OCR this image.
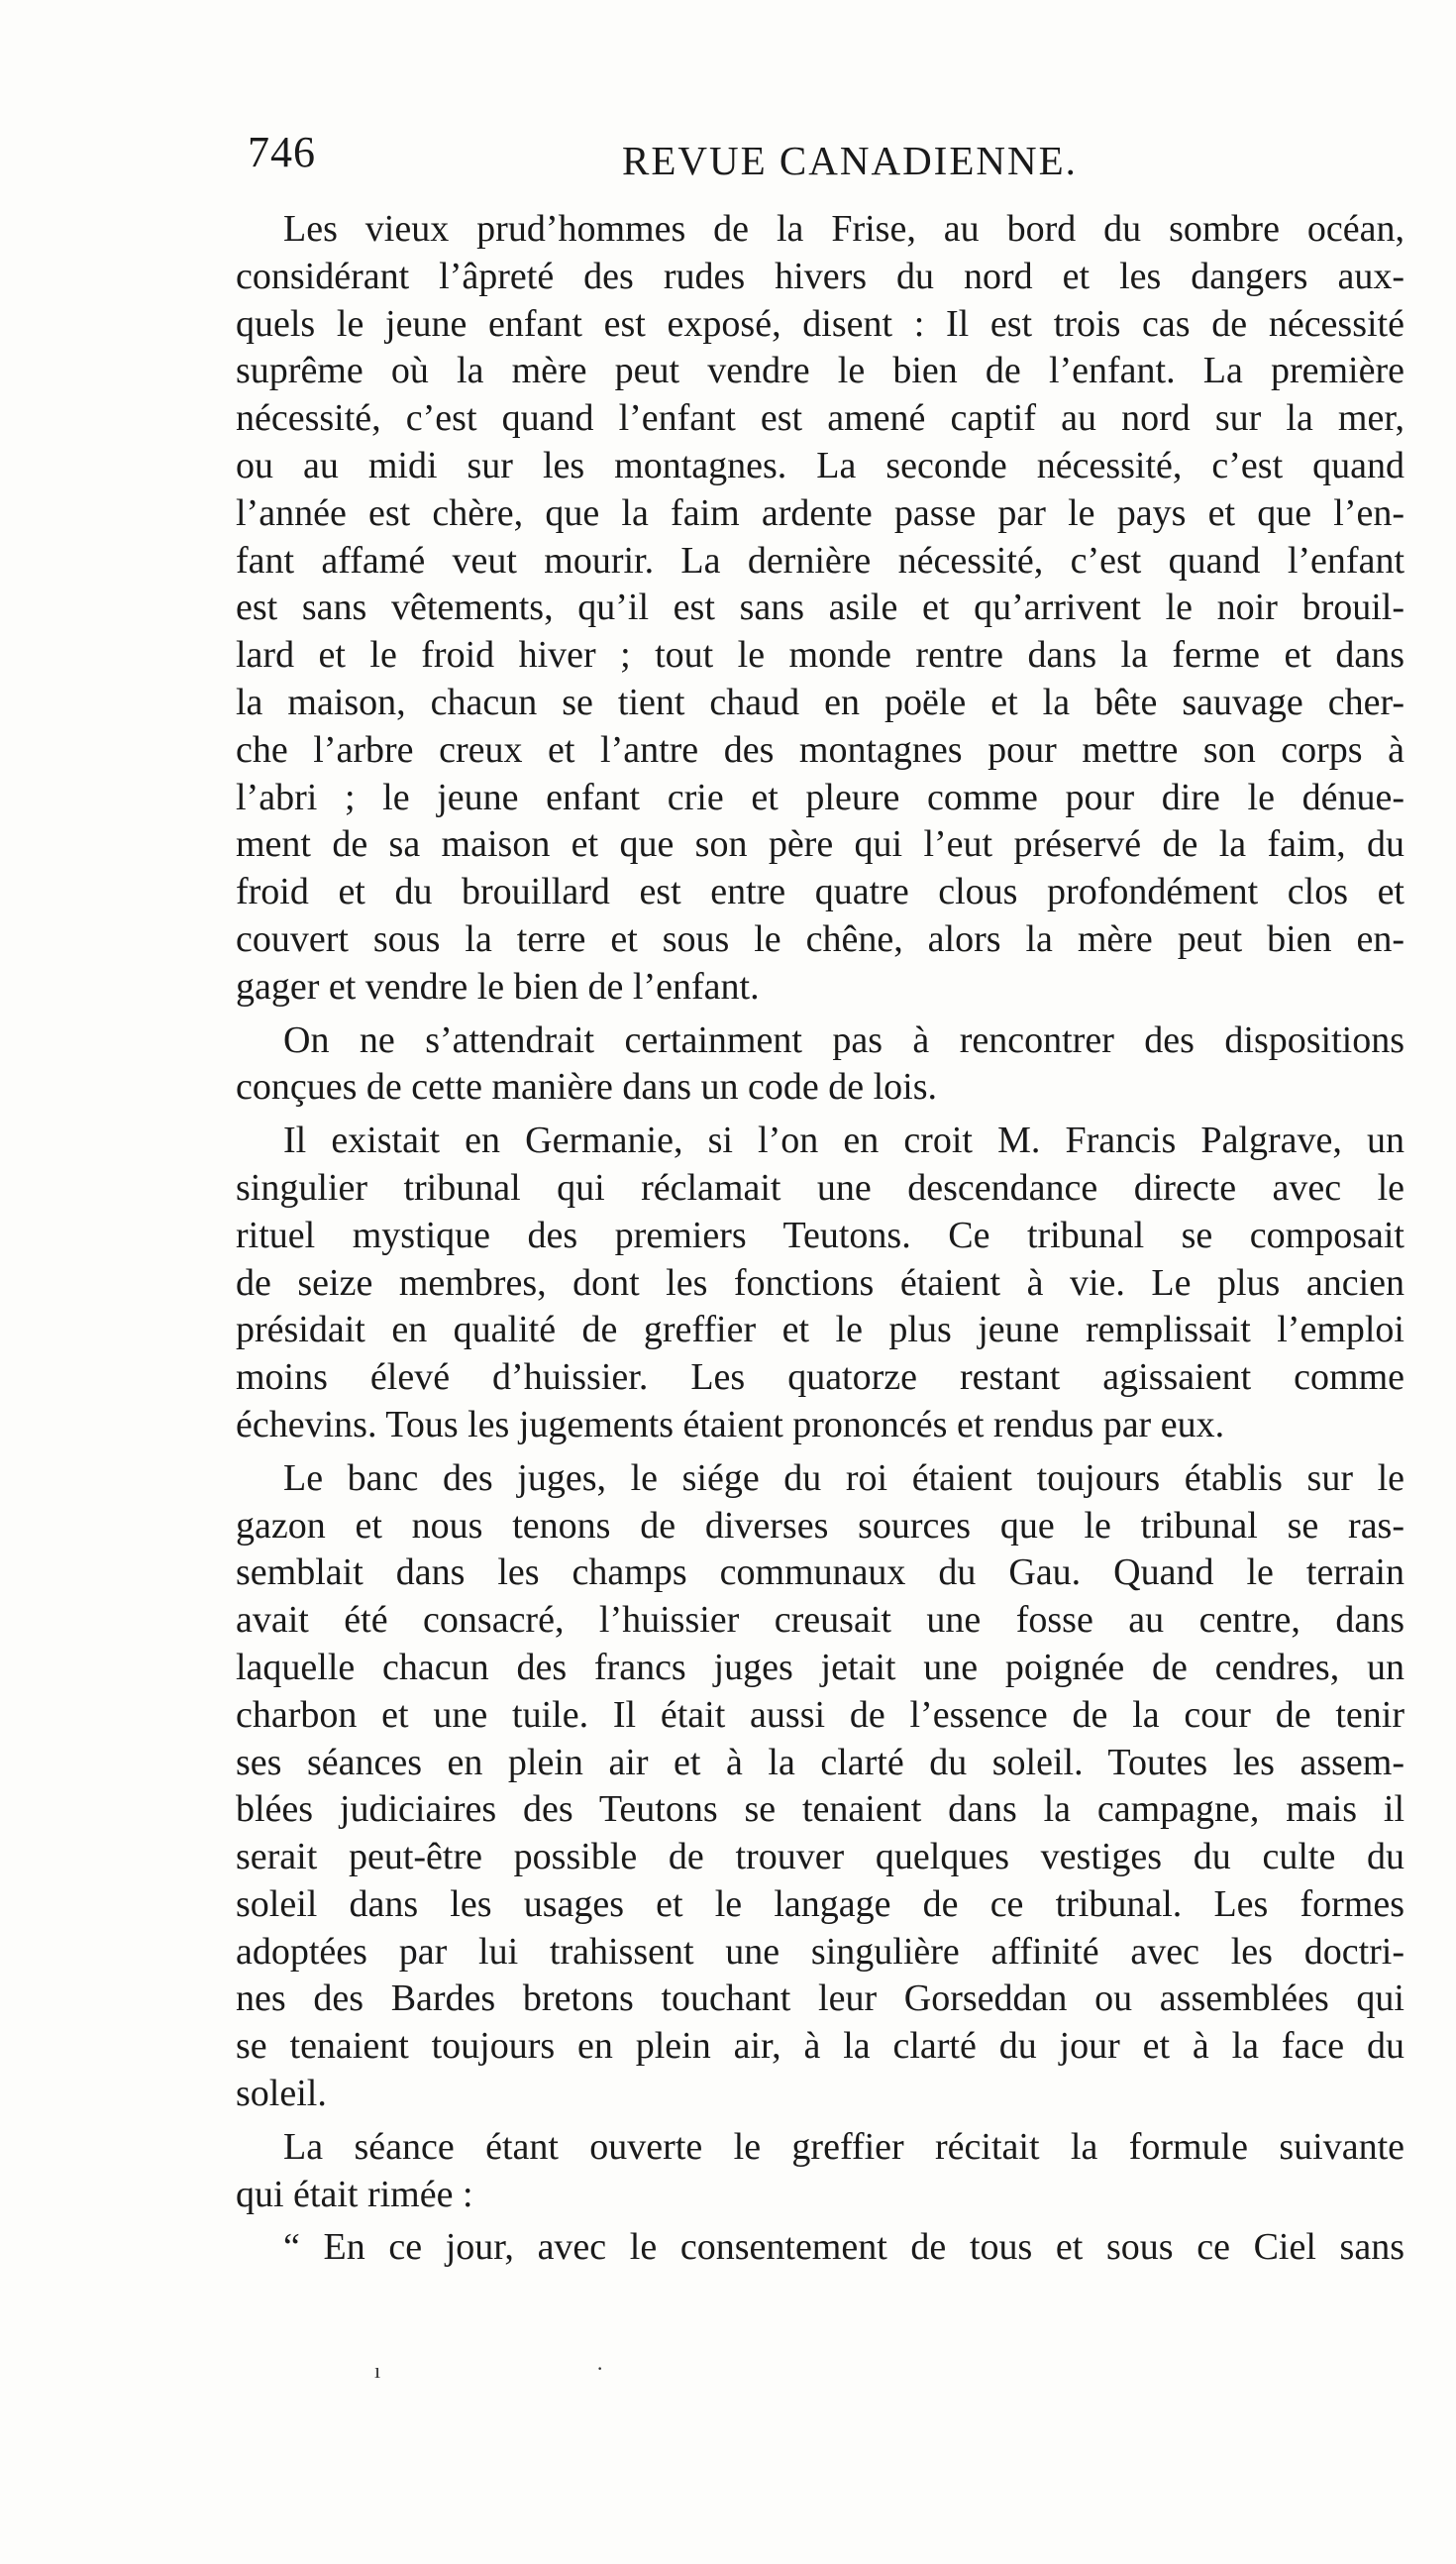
746	REVUE CANADIENNE.
Les vieux prud’hommes de la Frise, au bord du sombre océan,
considérant l’âpreté des rudes hivers du nord et les dangers aux-
quels le jeune enfant est exposé, disent : Il est trois cas de nécessité
suprême où la mère peut vendre le bien de l’enfant. La première
nécessité, c’est quand l’enfant est amené captif au nord sur la mer,
ou au midi sur les montagnes. La seconde nécessité, c’est quand
l’année est chère, que la faim ardente passe par le pays et que l’en-
fant affamé veut mourir. La dernière nécessité, c’est quand l’enfant
est sans vêtements, qu’il est sans asile et qu’arrivent le noir brouil-
lard et le froid hiver ; tout le monde rentre dans la ferme et dans
la maison, chacun se tient chaud en poële et la bête sauvage cher-
che l’arbre creux et l’antre des montagnes pour mettre son corps à
l’abri ; le jeune enfant crie et pleure comme pour dire le dénue-
ment de sa maison et que son père qui l’eut préservé de la faim, du
froid et du brouillard est entre quatre clous profondément clos et
couvert sous la terre et sous le chêne, alors la mère peut bien en-
gager et vendre le bien de l’enfant.
On ne s’attendrait certainment pas à rencontrer des dispositions
conçues de cette manière dans un code de lois.
Il existait en Germanie, si l’on en croit M. Francis Palgrave, un
singulier tribunal qui réclamait une descendance directe avec le
rituel mystique des premiers Teutons. Ce tribunal se composait
de seize membres, dont les fonctions étaient à vie. Le plus ancien
présidait en qualité de greffier et le plus jeune remplissait l’emploi
moins élevé d’huissier. Les quatorze restant agissaient comme
échevins. Tous les jugements étaient prononcés et rendus par eux.
Le banc des juges, le siége du roi étaient toujours établis sur le
gazon et nous tenons de diverses sources que le tribunal se ras-
semblait dans les champs communaux du Gau. Quand le terrain
avait été consacré, l’huissier creusait une fosse au centre, dans
laquelle chacun des francs juges jetait une poignée de cendres, un
charbon et une tuile. Il était aussi de l’essence de la cour de tenir
ses séances en plein air et à la clarté du soleil. Toutes les assem-
blées judiciaires des Teutons se tenaient dans la campagne, mais il
serait peut-être possible de trouver quelques vestiges du culte du
soleil dans les usages et le langage de ce tribunal. Les formes
adoptées par lui trahissent une singulière affinité avec les doctri-
nes des Bardes bretons touchant leur Gorseddan ou assemblées qui
se tenaient toujours en plein air, à la clarté du jour et à la face du
soleil.
La séance étant ouverte le greffier récitait la formule suivante
qui était rimée :
“ En ce jour, avec le consentement de tous et sous ce Ciel sans
ı	·
